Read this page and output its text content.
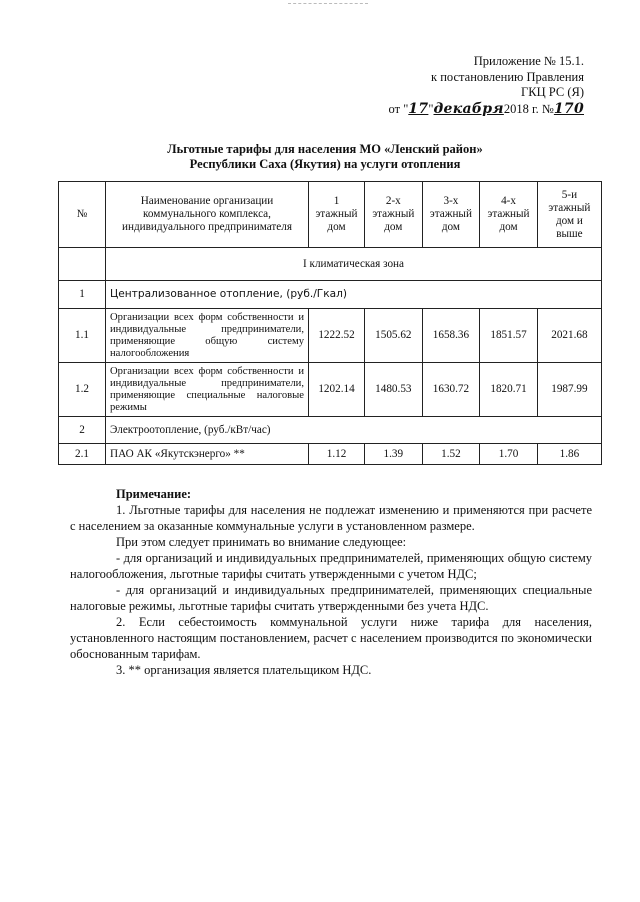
Приложение № 15.1.
к постановлению Правления
ГКЦ РС (Я)
от "17"декабря2018 г. №170
Льготные тарифы для населения МО «Ленский район»
Республики Саха (Якутия) на услуги отопления
№	Наименование организации коммунального комплекса, индивидуального предпринимателя	1 этажный дом	2-х этажный дом	3-х этажный дом	4-х этажный дом	5-и этажный дом и выше
	I климатическая зона					
1	Централизованное отопление, (руб./Гкал)					
1.1	Организации всех форм собственности и индивидуальные предприниматели, применяющие общую систему налогообложения	1222.52	1505.62	1658.36	1851.57	2021.68
1.2	Организации всех форм собственности и индивидуальные предприниматели, применяющие специальные налоговые режимы	1202.14	1480.53	1630.72	1820.71	1987.99
2	Электроотопление, (руб./кВт/час)					
2.1	ПАО АК «Якутскэнерго» **	1.12	1.39	1.52	1.70	1.86
Примечание:

1. Льготные тарифы для населения не подлежат изменению и применяются при расчете с населением за оказанные коммунальные услуги в установленном размере.

При этом следует принимать во внимание следующее:

- для организаций и индивидуальных предпринимателей, применяющих общую систему налогообложения, льготные тарифы считать утвержденными с учетом НДС;

- для организаций и индивидуальных предпринимателей, применяющих специальные налоговые режимы, льготные тарифы считать утвержденными без учета НДС.

2. Если себестоимость коммунальной услуги ниже тарифа для населения, установленного настоящим постановлением, расчет с населением производится по экономически обоснованным тарифам.

3. ** организация является плательщиком НДС.
